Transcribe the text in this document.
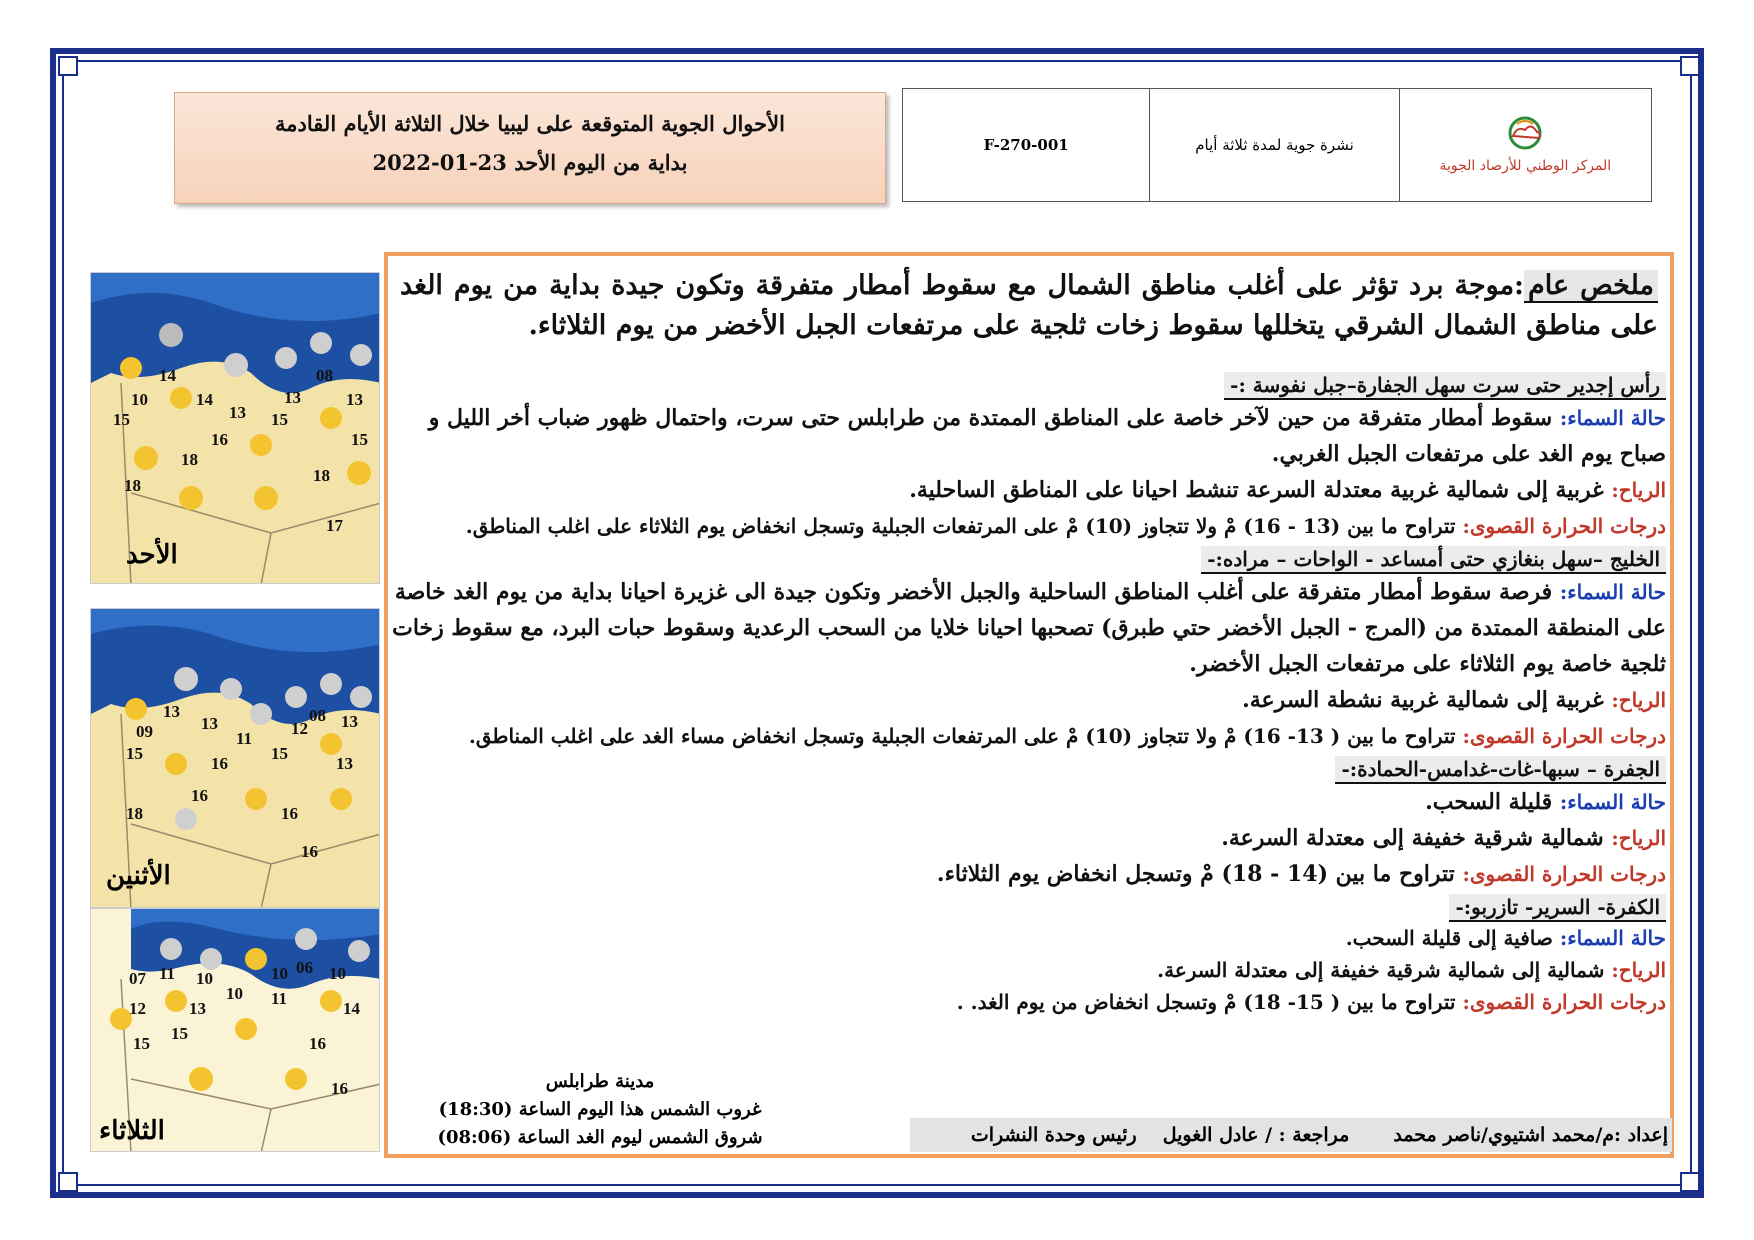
الأحوال الجوية المتوقعة على ليبيا خلال الثلاثة الأيام القادمة
بداية من اليوم الأحد 23-01-2022
F-270-001	نشرة جوية لمدة ثلاثة أيام
المركز الوطني للأرصاد الجوية
14
10	14
13 15
13
08
13
15
16	15
18
18
18
17
الأحد
13
09	13
11
12
08 13
15
16
15
13
16
18	16
16
الأثنين
11
07	10	10 06 10
12	13
10 11
14
15
15
16
16
الثلاثاء
ملخص عام:موجة برد تؤثر على أغلب مناطق الشمال مع سقوط أمطار متفرقة وتكون جيدة بداية من يوم الغد على مناطق الشمال الشرقي يتخللها سقوط زخات ثلجية على مرتفعات الجبل الأخضر من يوم الثلاثاء.
رأس إجدير حتى سرت سهل الجفارة–جبل نفوسة :-
حالة السماء: سقوط أمطار متفرقة من حين لآخر خاصة على المناطق الممتدة من طرابلس حتى سرت، واحتمال ظهور ضباب أخر الليل و صباح يوم الغد على مرتفعات الجبل الغربي.
الرياح: غربية إلى شمالية غربية معتدلة السرعة تنشط احيانا على المناطق الساحلية.
درجات الحرارة القصوى: تتراوح ما بين (13 - 16) مْ ولا تتجاوز (10) مْ على المرتفعات الجبلية وتسجل انخفاض يوم الثلاثاء على اغلب المناطق.
الخليج –سهل بنغازي حتى أمساعد - الواحات – مراده:-
حالة السماء: فرصة سقوط أمطار متفرقة على أغلب المناطق الساحلية والجبل الأخضر وتكون جيدة الى غزيرة احيانا بداية من يوم الغد خاصة على المنطقة الممتدة من (المرج - الجبل الأخضر حتي طبرق) تصحبها احيانا خلايا من السحب الرعدية وسقوط حبات البرد، مع سقوط زخات ثلجية خاصة يوم الثلاثاء على مرتفعات الجبل الأخضر.
الرياح: غربية إلى شمالية غربية نشطة السرعة.
درجات الحرارة القصوى: تتراوح ما بين ( 13- 16) مْ ولا تتجاوز (10) مْ على المرتفعات الجبلية وتسجل انخفاض مساء الغد على اغلب المناطق.
الجفرة – سبها-غات-غدامس-الحمادة:-
حالة السماء: قليلة السحب.
الرياح: شمالية شرقية خفيفة إلى معتدلة السرعة.
درجات الحرارة القصوى: تتراوح ما بين (14 - 18) مْ وتسجل انخفاض يوم الثلاثاء.
الكفرة- السرير- تازربو:-
حالة السماء: صافية إلى قليلة السحب.
الرياح: شمالية إلى شمالية شرقية خفيفة إلى معتدلة السرعة.
درجات الحرارة القصوى: تتراوح ما بين ( 15- 18) مْ وتسجل انخفاض من يوم الغد. .
مدينة طرابلس
غروب الشمس هذا اليوم الساعة (18:30)
شروق الشمس ليوم الغد الساعة (08:06)	إعداد :م/محمد اشتيوي/ناصر محمد
مراجعة : / عادل الغويل
رئيس وحدة النشرات
